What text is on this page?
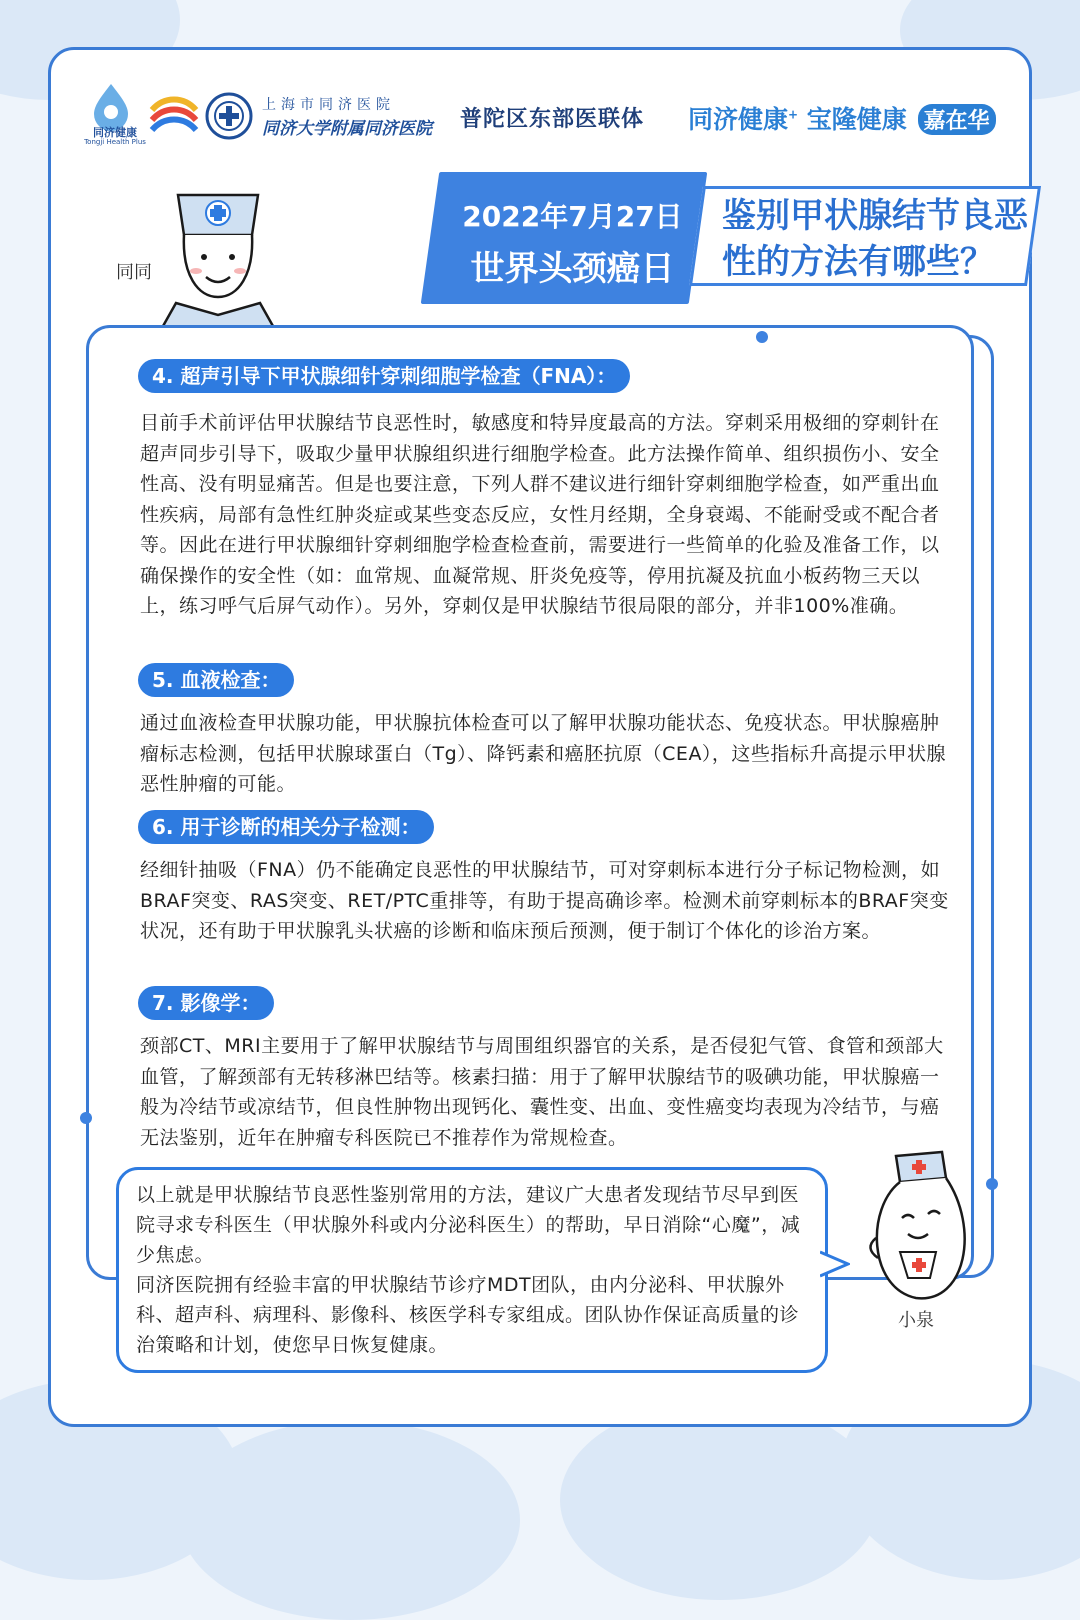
同济健康
Tongji Health Plus
上海市同济医院
同济大学附属同济医院 普陀区东部医联体 同济健康+ 宝隆健康 嘉在华
同同
2022年7月27日
世界头颈癌日
鉴别甲状腺结节良恶性的方法有哪些？
4. 超声引导下甲状腺细针穿刺细胞学检查（FNA）：
目前手术前评估甲状腺结节良恶性时，敏感度和特异度最高的方法。穿刺采用极细的穿刺针在超声同步引导下，吸取少量甲状腺组织进行细胞学检查。此方法操作简单、组织损伤小、安全性高、没有明显痛苦。但是也要注意，下列人群不建议进行细针穿刺细胞学检查，如严重出血性疾病，局部有急性红肿炎症或某些变态反应，女性月经期，全身衰竭、不能耐受或不配合者等。因此在进行甲状腺细针穿刺细胞学检查检查前，需要进行一些简单的化验及准备工作，以确保操作的安全性（如：血常规、血凝常规、肝炎免疫等，停用抗凝及抗血小板药物三天以上，练习呼气后屏气动作）。另外，穿刺仅是甲状腺结节很局限的部分，并非100%准确。
5. 血液检查：
通过血液检查甲状腺功能，甲状腺抗体检查可以了解甲状腺功能状态、免疫状态。甲状腺癌肿瘤标志检测，包括甲状腺球蛋白（Tg）、降钙素和癌胚抗原（CEA），这些指标升高提示甲状腺恶性肿瘤的可能。
6. 用于诊断的相关分子检测：
经细针抽吸（FNA）仍不能确定良恶性的甲状腺结节，可对穿刺标本进行分子标记物检测，如BRAF突变、RAS突变、RET/PTC重排等，有助于提高确诊率。检测术前穿刺标本的BRAF突变状况，还有助于甲状腺乳头状癌的诊断和临床预后预测，便于制订个体化的诊治方案。
7. 影像学：
颈部CT、MRI主要用于了解甲状腺结节与周围组织器官的关系，是否侵犯气管、食管和颈部大血管，了解颈部有无转移淋巴结等。核素扫描：用于了解甲状腺结节的吸碘功能，甲状腺癌一般为冷结节或凉结节，但良性肿物出现钙化、囊性变、出血、变性癌变均表现为冷结节，与癌无法鉴别，近年在肿瘤专科医院已不推荐作为常规检查。
以上就是甲状腺结节良恶性鉴别常用的方法，建议广大患者发现结节尽早到医院寻求专科医生（甲状腺外科或内分泌科医生）的帮助，早日消除“心魔”，减少焦虑。
同济医院拥有经验丰富的甲状腺结节诊疗MDT团队，由内分泌科、甲状腺外科、超声科、病理科、影像科、核医学科专家组成。团队协作保证高质量的诊治策略和计划，使您早日恢复健康。
小泉
